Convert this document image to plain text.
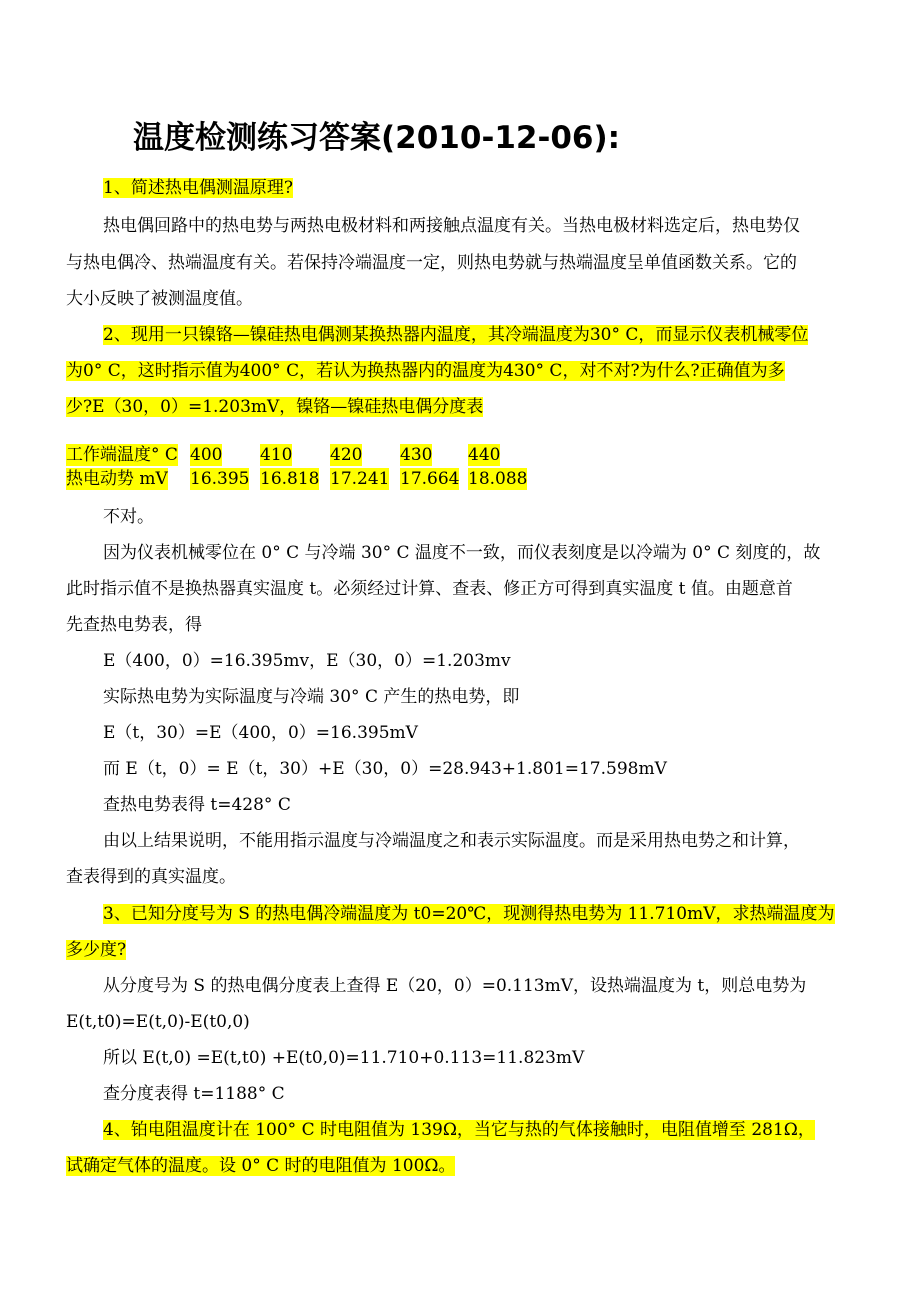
温度检测练习答案(2010-12-06):
1、简述热电偶测温原理?
热电偶回路中的热电势与两热电极材料和两接触点温度有关。当热电极材料选定后，热电势仅
与热电偶冷、热端温度有关。若保持冷端温度一定，则热电势就与热端温度呈单值函数关系。它的
大小反映了被测温度值。
2、现用一只镍铬—镍硅热电偶测某换热器内温度，其冷端温度为30° C，而显示仪表机械零位
为0° C，这时指示值为400° C，若认为换热器内的温度为430° C，对不对?为什么?正确值为多
少?E（30，0）=1.203mV，镍铬—镍硅热电偶分度表
工作端温度° C 400 410 420 430 440
热电动势 mV 16.395 16.818 17.241 17.664 18.088
不对。
因为仪表机械零位在 0° C 与冷端 30° C 温度不一致，而仪表刻度是以冷端为 0° C 刻度的，故
此时指示值不是换热器真实温度 t。必须经过计算、查表、修正方可得到真实温度 t 值。由题意首
先查热电势表，得
E（400，0）=16.395mv，E（30，0）=1.203mv
实际热电势为实际温度与冷端 30° C 产生的热电势，即
E（t，30）=E（400，0）=16.395mV
而 E（t，0）= E（t，30）+E（30，0）=28.943+1.801=17.598mV
查热电势表得 t=428° C
由以上结果说明，不能用指示温度与冷端温度之和表示实际温度。而是采用热电势之和计算，
查表得到的真实温度。
3、已知分度号为 S 的热电偶冷端温度为 t0=20℃，现测得热电势为 11.710mV，求热端温度为
多少度?
从分度号为 S 的热电偶分度表上查得 E（20，0）=0.113mV，设热端温度为 t，则总电势为
E(t,t0)=E(t,0)-E(t0,0)
所以 E(t,0) =E(t,t0) +E(t0,0)=11.710+0.113=11.823mV
查分度表得 t=1188° C
4、铂电阻温度计在 100° C 时电阻值为 139Ω，当它与热的气体接触时，电阻值增至 281Ω，
试确定气体的温度。设 0° C 时的电阻值为 100Ω。
